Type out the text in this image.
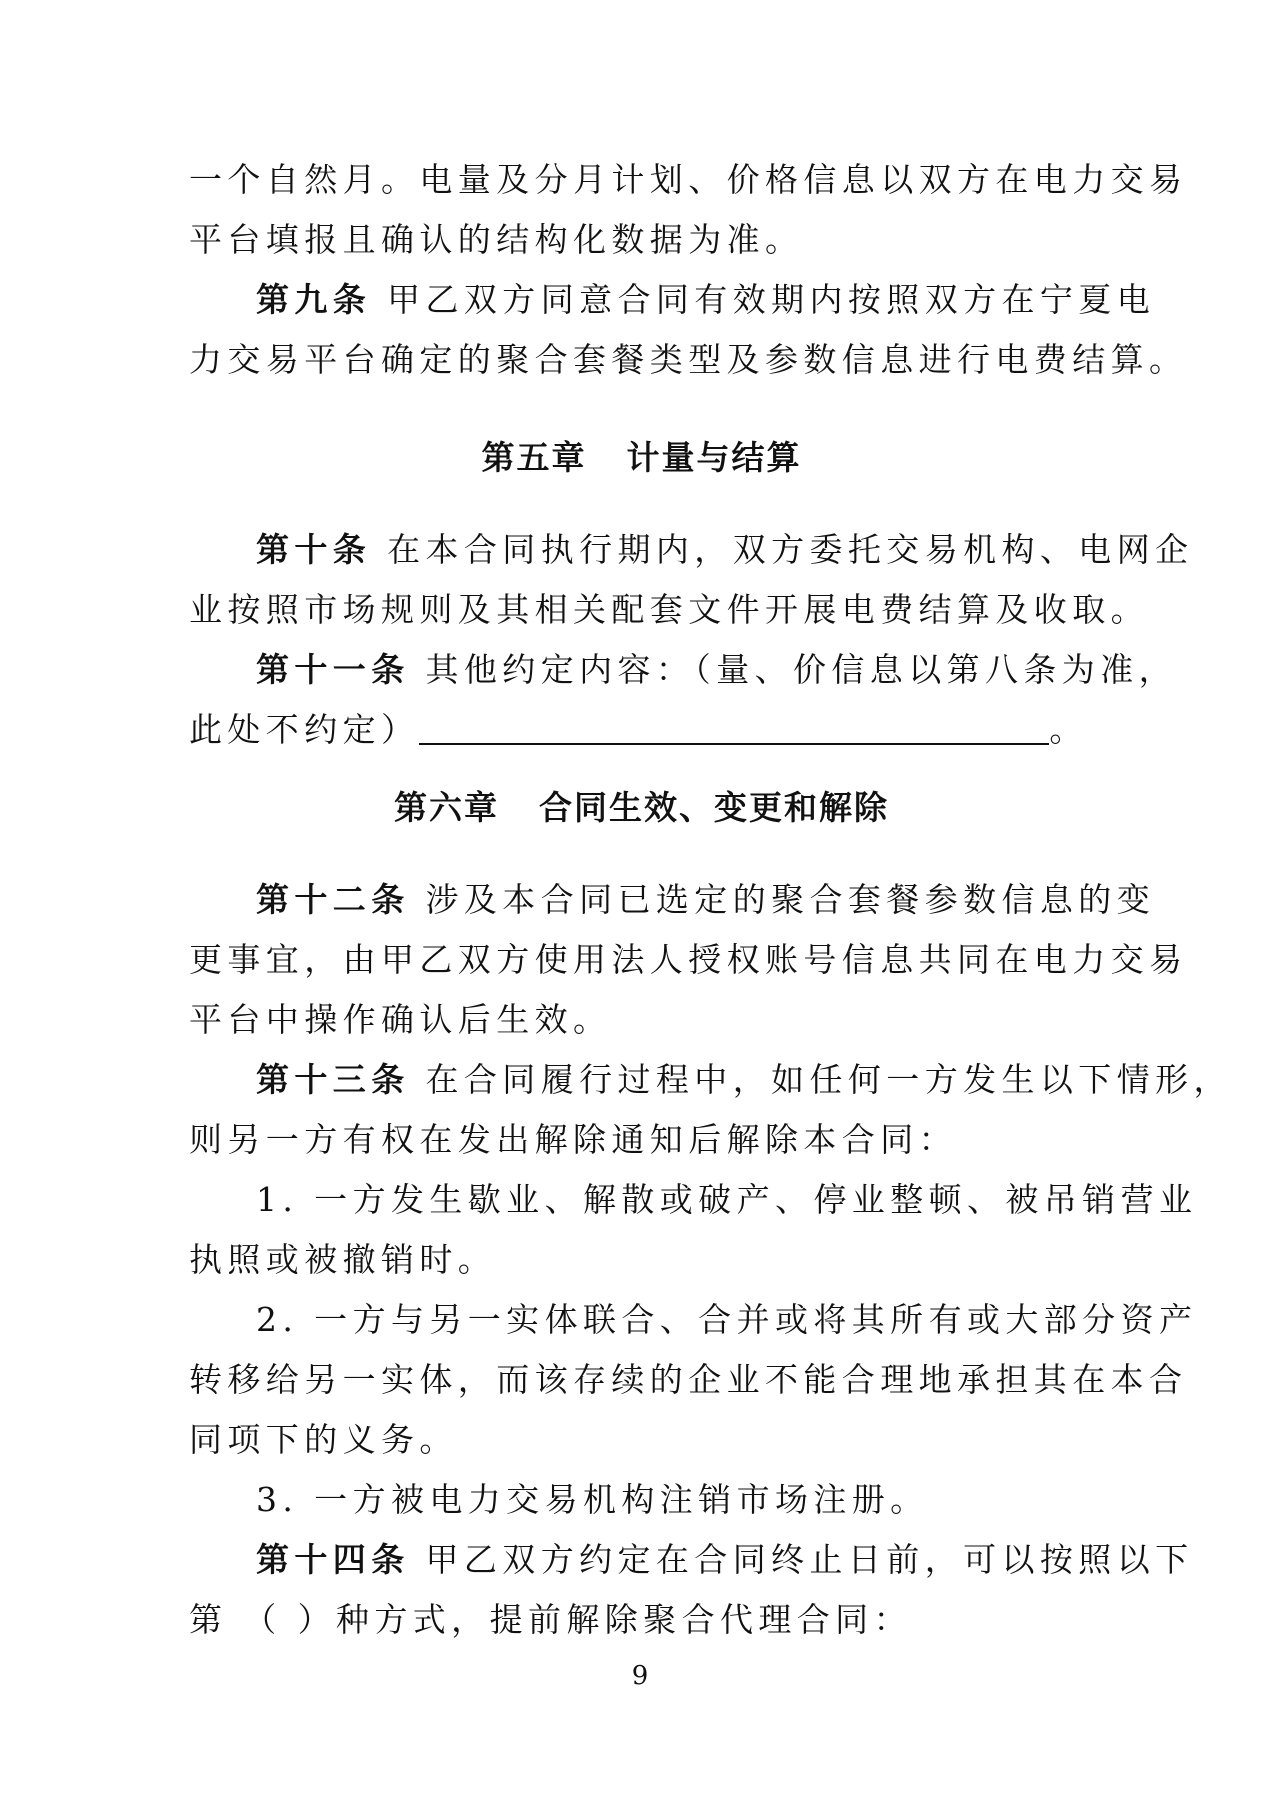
一个自然月。电量及分月计划、价格信息以双方在电力交易
平台填报且确认的结构化数据为准。
第九条 甲乙双方同意合同有效期内按照双方在宁夏电
力交易平台确定的聚合套餐类型及参数信息进行电费结算。
第五章 计量与结算
第十条 在本合同执行期内，双方委托交易机构、电网企
业按照市场规则及其相关配套文件开展电费结算及收取。
第十一条 其他约定内容：（量、价信息以第八条为准，
此处不约定）	。
第六章 合同生效、变更和解除
第十二条 涉及本合同已选定的聚合套餐参数信息的变
更事宜，由甲乙双方使用法人授权账号信息共同在电力交易
平台中操作确认后生效。
第十三条 在合同履行过程中，如任何一方发生以下情形，
则另一方有权在发出解除通知后解除本合同：
1. 一方发生歇业、解散或破产、停业整顿、被吊销营业
执照或被撤销时。
2. 一方与另一实体联合、合并或将其所有或大部分资产
转移给另一实体，而该存续的企业不能合理地承担其在本合
同项下的义务。
3. 一方被电力交易机构注销市场注册。
第十四条 甲乙双方约定在合同终止日前，可以按照以下
第 （ ）种方式，提前解除聚合代理合同：
9
